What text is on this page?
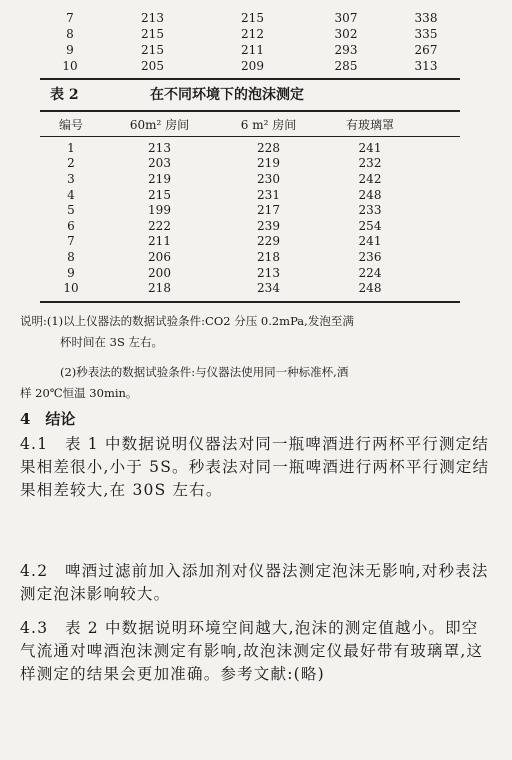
7	213	215	307	338
8	215	212	302	335
9	215	211	293	267
10	205	209	285	313
表 2	在不同环境下的泡沫测定
编号	60m² 房间	6 m² 房间	有玻璃罩
1	213	228	241
2	203	219	232
3	219	230	242
4	215	231	248
5	199	217	233
6	222	239	254
7	211	229	241
8	206	218	236
9	200	213	224
10	218	234	248
说明:(1)以上仪器法的数据试验条件:CO2 分压 0.2mPa,发泡至满
杯时间在 3S 左右。
(2)秒表法的数据试验条件:与仪器法使用同一种标准杯,酒
样 20℃恒温 30min。
4　结论
4.1　表 1 中数据说明仪器法对同一瓶啤酒进行两杯平行测定结果相差很小,小于 5S。秒表法对同一瓶啤酒进行两杯平行测定结果相差较大,在 30S 左右。
4.2　啤酒过滤前加入添加剂对仪器法测定泡沫无影响,对秒表法测定泡沫影响较大。
4.3　表 2 中数据说明环境空间越大,泡沫的测定值越小。即空气流通对啤酒泡沫测定有影响,故泡沫测定仪最好带有玻璃罩,这样测定的结果会更加准确。参考文献:(略)
